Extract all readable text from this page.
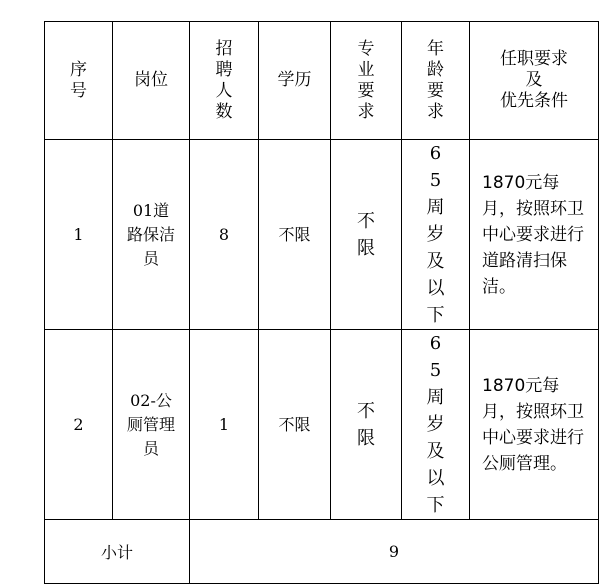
序号	岗位	招聘人数	学历	专业要求	年龄要求	任职要求
及
优先条件
1	01道路保洁员	8	不限	不限	65周岁及以下	1870元每月，按照环卫中心要求进行道路清扫保洁。

2	02-公厕管理员	1	不限	不限	65周岁及以下	1870元每月，按照环卫中心要求进行公厕管理。

小计		9				
